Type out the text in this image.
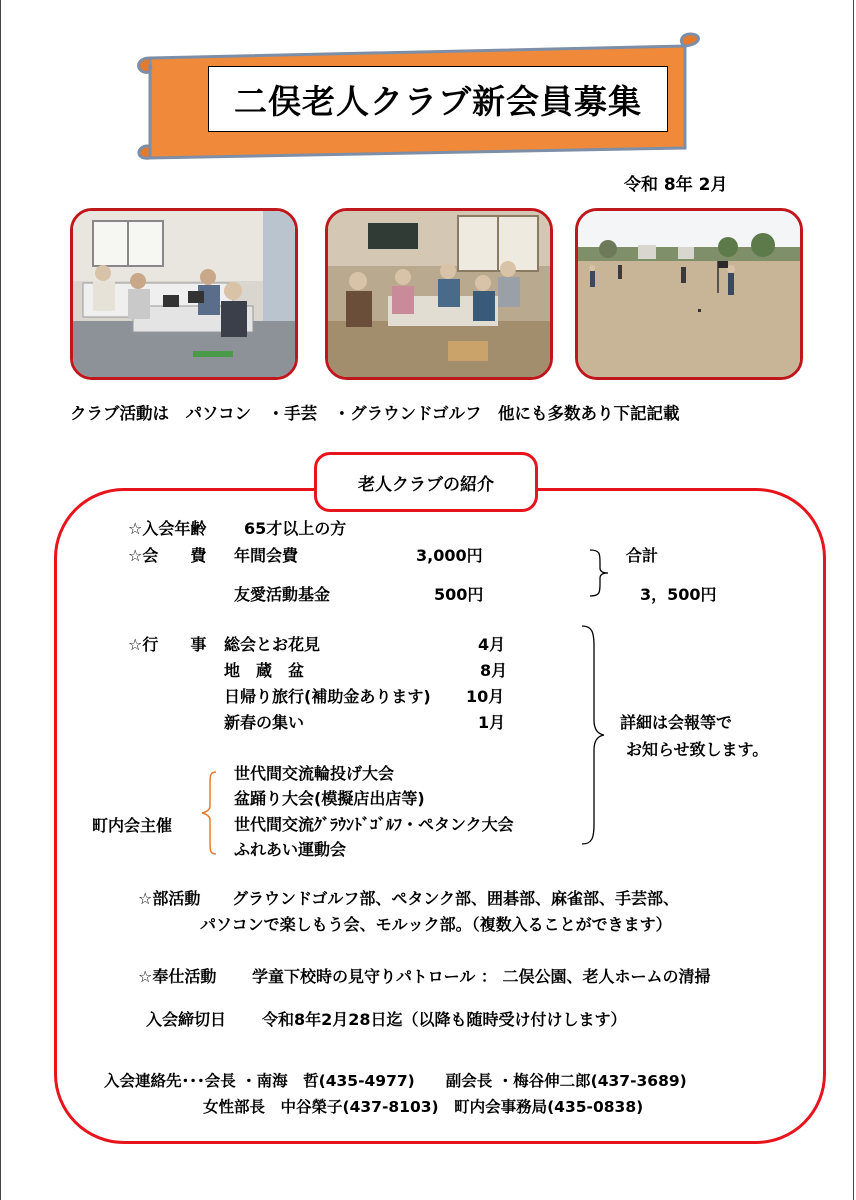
二俣老人クラブ新会員募集
令和 8年 2月
クラブ活動は　パソコン　・手芸　・グラウンドゴルフ　他にも多数あり下記記載
老人クラブの紹介
☆入会年齢 65才以上の方
☆会　　費 年間会費	3,000円
友愛活動基金	500円
合計
3，500円
☆行　　事 総会とお花見	4月
地　蔵　盆	8月
日帰り旅行(補助金あります) 10月
新春の集い	1月	詳細は会報等で
お知らせ致します。
町内会主催
世代間交流輪投げ大会
盆踊り大会(模擬店出店等)
世代間交流ｸﾞﾗｳﾝﾄﾞｺﾞﾙﾌ・ペタンク大会
ふれあい運動会
☆部活動 グラウンドゴルフ部、ペタンク部、囲碁部、麻雀部、手芸部、
パソコンで楽しもう会、モルック部。（複数入ることができます）
☆奉仕活動 学童下校時の見守りパトロール ： 二俣公園、老人ホームの清掃
入会締切日 令和8年2月28日迄（以降も随時受け付けします）
入会連絡先･･･会長 ・南海　哲(435-4977)　　副会長 ・梅谷伸二郎(437-3689)
女性部長　中谷榮子(437-8103)　町内会事務局(435-0838)
